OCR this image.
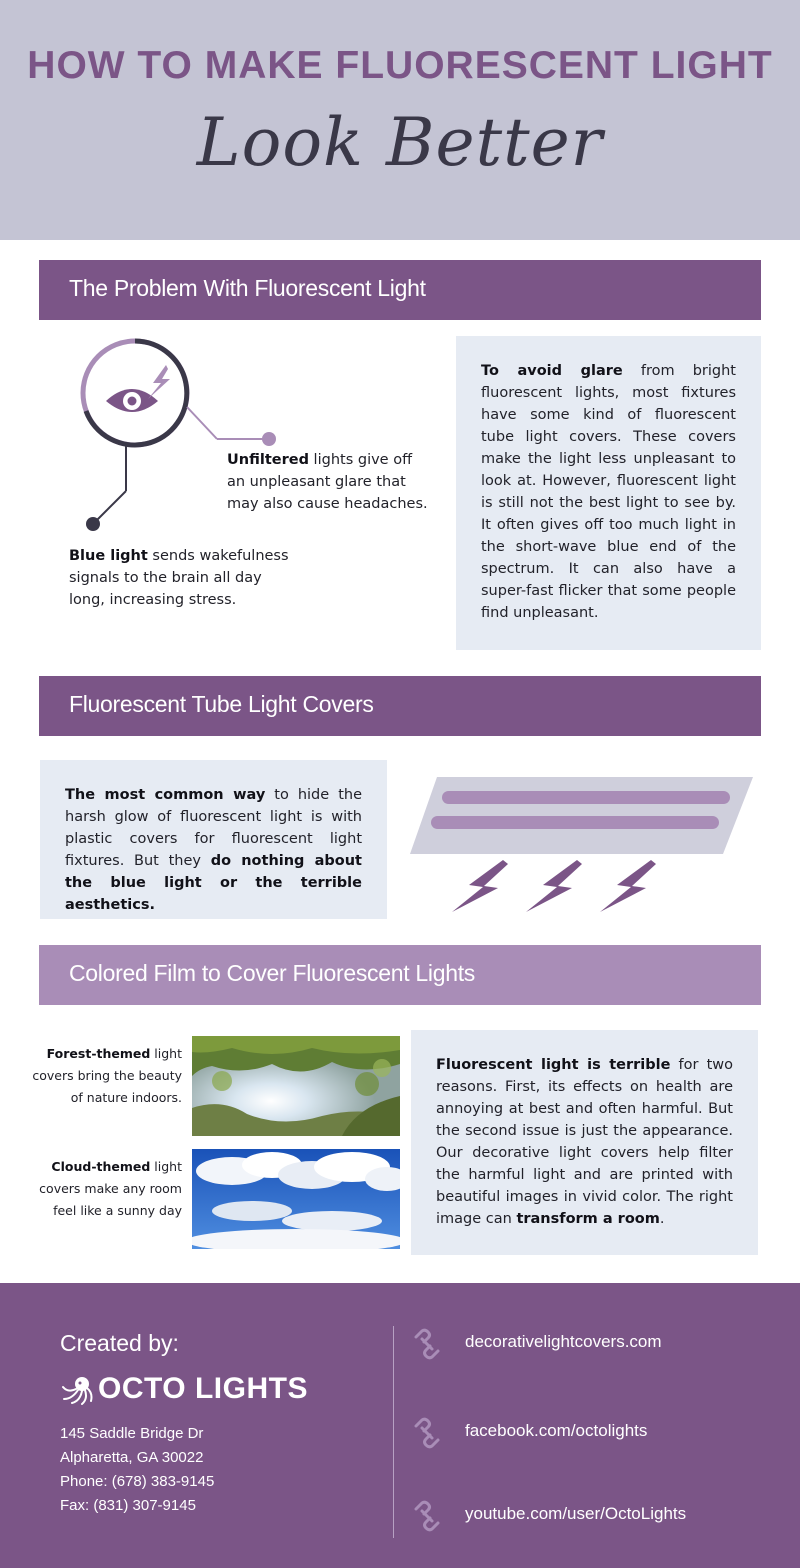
HOW TO MAKE FLUORESCENT LIGHT
Look Better
The Problem With Fluorescent Light
Unfiltered lights give off an unpleasant glare that may also cause headaches.
Blue light sends wakefulness signals to the brain all day long, increasing stress.

To avoid glare from bright fluorescent lights, most fixtures have some kind of fluorescent tube light covers. These covers make the light less unpleasant to look at. However, fluorescent light is still not the best light to see by. It often gives off too much light in the short-wave blue end of the spectrum. It can also have a super-fast flicker that some people find unpleasant.

Fluorescent Tube Light Covers

The most common way to hide the harsh glow of fluorescent light is with plastic covers for fluorescent light fixtures. But they do nothing about the blue light or the terrible aesthetics.

Colored Film to Cover Fluorescent Lights
Forest-themed light covers bring the beauty of nature indoors.
Cloud-themed light covers make any room feel like a sunny day

Fluorescent light is terrible for two reasons. First, its effects on health are annoying at best and often harmful. But the second issue is just the appearance. Our decorative light covers help filter the harmful light and are printed with beautiful images in vivid color. The right image can transform a room.

Created by:
OCTO LIGHTS
145 Saddle Bridge Dr
Alpharetta, GA 30022
Phone: (678) 383-9145
Fax: (831) 307-9145
decorativelightcovers.com
facebook.com/octolights
youtube.com/user/OctoLights
